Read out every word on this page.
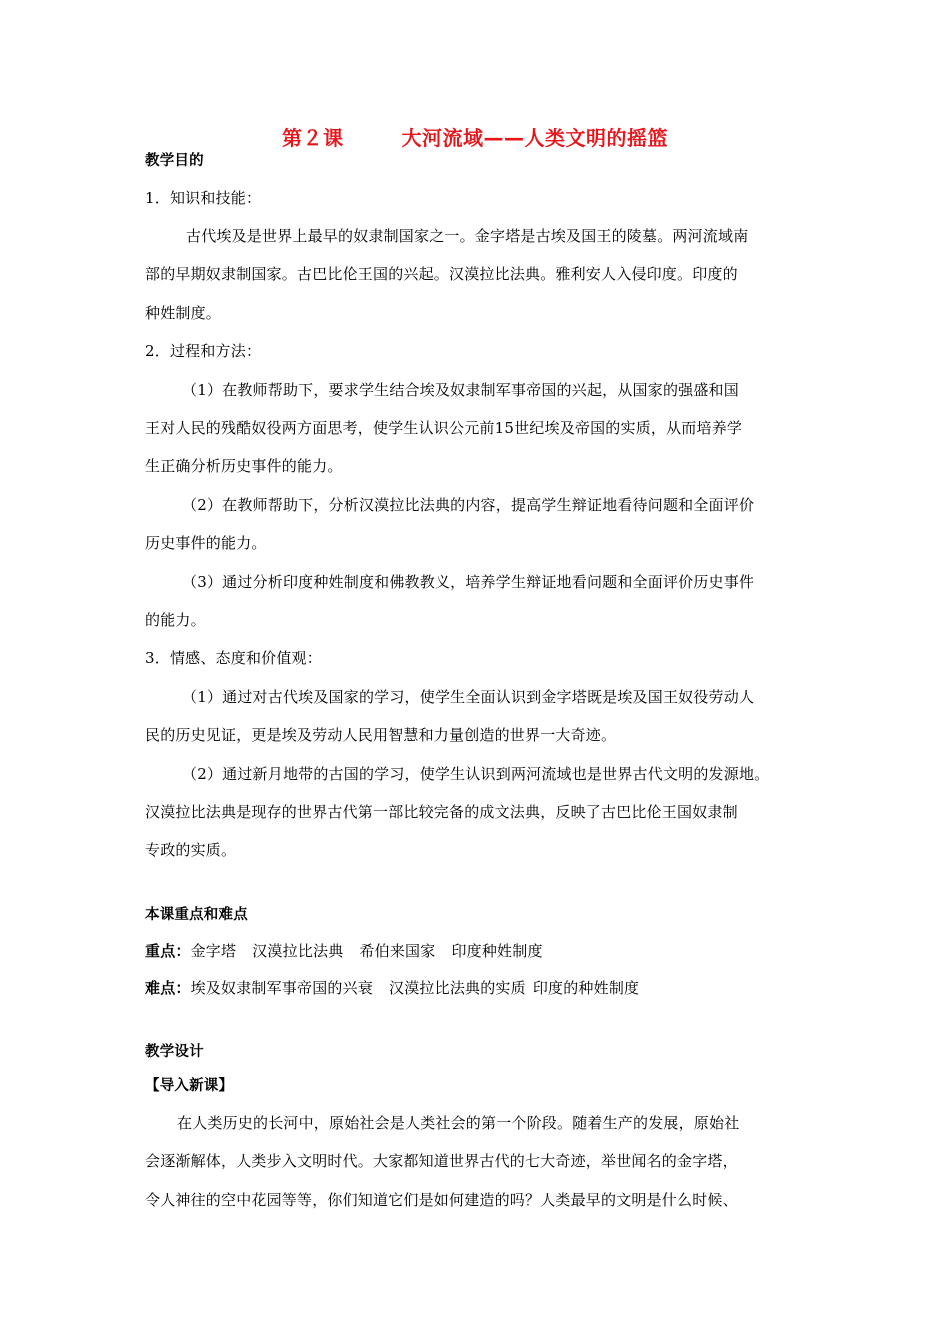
第２课	大河流域——人类文明的摇篮
教学目的
1．知识和技能：
古代埃及是世界上最早的奴隶制国家之一。金字塔是古埃及国王的陵墓。两河流域南
部的早期奴隶制国家。古巴比伦王国的兴起。汉漠拉比法典。雅利安人入侵印度。印度的
种姓制度。
2．过程和方法：
（1）在教师帮助下，要求学生结合埃及奴隶制军事帝国的兴起，从国家的强盛和国
王对人民的残酷奴役两方面思考，使学生认识公元前15世纪埃及帝国的实质，从而培养学
生正确分析历史事件的能力。
（2）在教师帮助下，分析汉漠拉比法典的内容，提高学生辩证地看待问题和全面评价
历史事件的能力。
（3）通过分析印度种姓制度和佛教教义，培养学生辩证地看问题和全面评价历史事件
的能力。
3．情感、态度和价值观：
（1）通过对古代埃及国家的学习，使学生全面认识到金字塔既是埃及国王奴役劳动人
民的历史见证，更是埃及劳动人民用智慧和力量创造的世界一大奇迹。
（2）通过新月地带的古国的学习，使学生认识到两河流域也是世界古代文明的发源地。
汉漠拉比法典是现存的世界古代第一部比较完备的成文法典，反映了古巴比伦王国奴隶制
专政的实质。
本课重点和难点
重点：金字塔 汉漠拉比法典 希伯来国家 印度种姓制度
难点：埃及奴隶制军事帝国的兴衰 汉漠拉比法典的实质 印度的种姓制度
教学设计
【导入新课】
在人类历史的长河中，原始社会是人类社会的第一个阶段。随着生产的发展，原始社
会逐渐解体，人类步入文明时代。大家都知道世界古代的七大奇迹，举世闻名的金字塔，
令人神往的空中花园等等，你们知道它们是如何建造的吗？人类最早的文明是什么时候、
